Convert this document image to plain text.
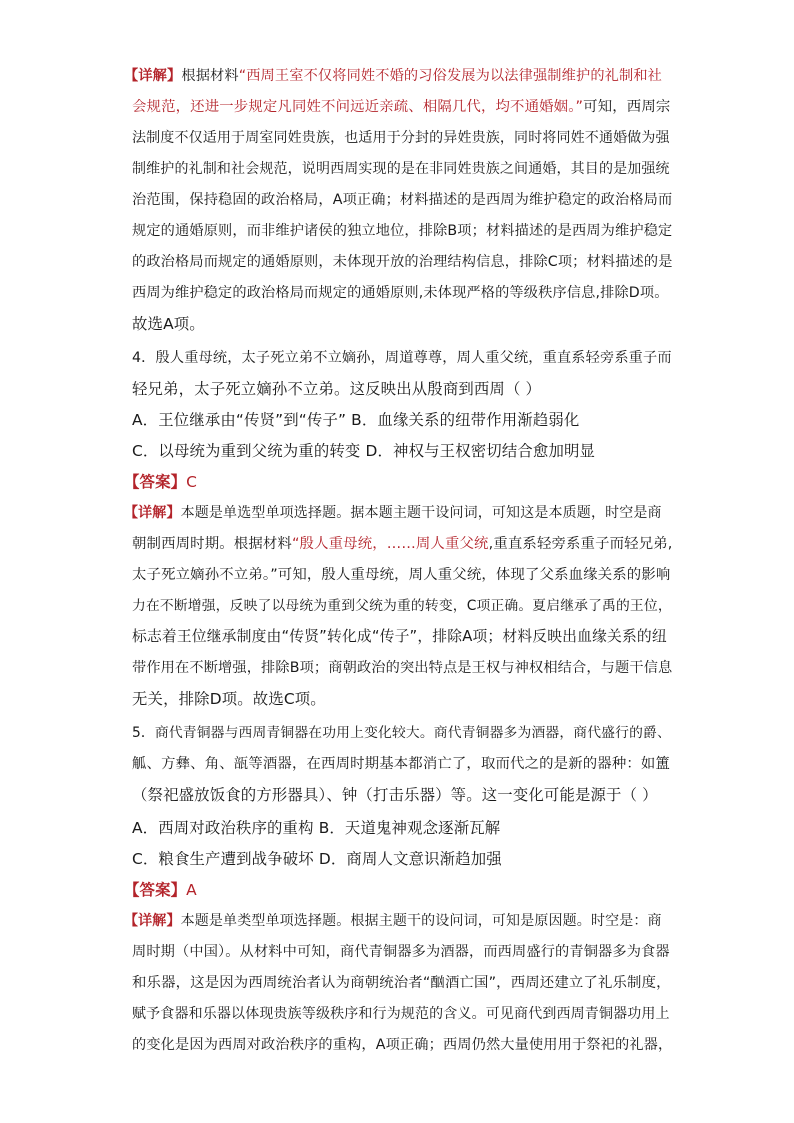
【详解】根据材料“西周王室不仅将同姓不婚的习俗发展为以法律强制维护的礼制和社
会规范，还进一步规定凡同姓不问远近亲疏、相隔几代，均不通婚姻。”可知，西周宗
法制度不仅适用于周室同姓贵族，也适用于分封的异姓贵族，同时将同姓不通婚做为强
制维护的礼制和社会规范，说明西周实现的是在非同姓贵族之间通婚，其目的是加强统
治范围，保持稳固的政治格局，A项正确；材料描述的是西周为维护稳定的政治格局而
规定的通婚原则，而非维护诸侯的独立地位，排除B项；材料描述的是西周为维护稳定
的政治格局而规定的通婚原则，未体现开放的治理结构信息，排除C项；材料描述的是
西周为维护稳定的政治格局而规定的通婚原则,未体现严格的等级秩序信息,排除D项。
故选A项。
4．殷人重母统，太子死立弟不立嫡孙，周道尊尊，周人重父统，重直系轻旁系重子而
轻兄弟，太子死立嫡孙不立弟。这反映出从殷商到西周（ ）
A．王位继承由“传贤”到“传子” B．血缘关系的纽带作用渐趋弱化
C．以母统为重到父统为重的转变 D．神权与王权密切结合愈加明显
【答案】C
【详解】本题是单选型单项选择题。据本题主题干设问词，可知这是本质题，时空是商
朝制西周时期。根据材料“殷人重母统，……周人重父统,重直系轻旁系重子而轻兄弟,
太子死立嫡孙不立弟。”可知，殷人重母统，周人重父统，体现了父系血缘关系的影响
力在不断增强，反映了以母统为重到父统为重的转变，C项正确。夏启继承了禹的王位，
标志着王位继承制度由“传贤”转化成“传子”，排除A项；材料反映出血缘关系的纽
带作用在不断增强，排除B项；商朝政治的突出特点是王权与神权相结合，与题干信息
无关，排除D项。故选C项。
5．商代青铜器与西周青铜器在功用上变化较大。商代青铜器多为酒器，商代盛行的爵、
觚、方彝、角、瓿等酒器，在西周时期基本都消亡了，取而代之的是新的器种：如簠
（祭祀盛放饭食的方形器具）、钟（打击乐器）等。这一变化可能是源于（ ）
A．西周对政治秩序的重构 B．天道鬼神观念逐渐瓦解
C．粮食生产遭到战争破坏 D．商周人文意识渐趋加强
【答案】A
【详解】本题是单类型单项选择题。根据主题干的设问词，可知是原因题。时空是：商
周时期（中国）。从材料中可知，商代青铜器多为酒器，而西周盛行的青铜器多为食器
和乐器，这是因为西周统治者认为商朝统治者“酗酒亡国”，西周还建立了礼乐制度，
赋予食器和乐器以体现贵族等级秩序和行为规范的含义。可见商代到西周青铜器功用上
的变化是因为西周对政治秩序的重构，A项正确；西周仍然大量使用用于祭祀的礼器，
